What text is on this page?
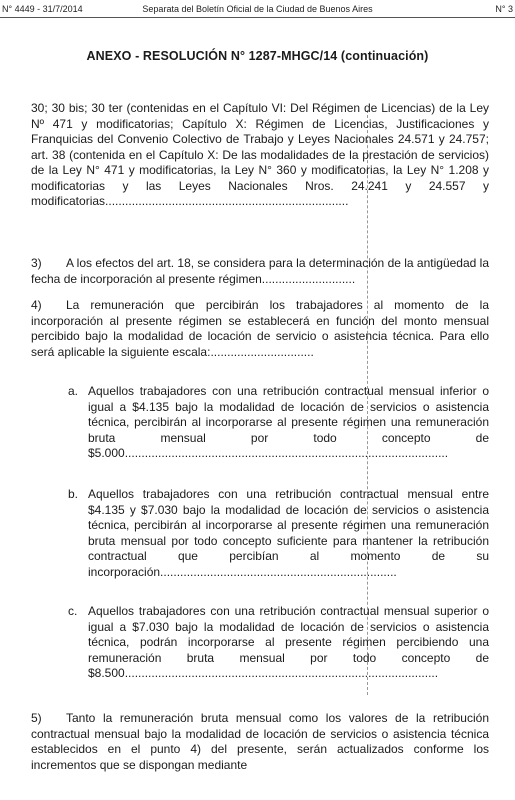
N° 4449 - 31/7/2014	Separata del Boletín Oficial de la Ciudad de Buenos Aires	N° 3
ANEXO - RESOLUCIÓN N° 1287-MHGC/14 (continuación)

30; 30 bis; 30 ter (contenidas en el Capítulo VI: Del Régimen de Licencias) de la Ley Nº 471 y modificatorias; Capítulo X: Régimen de Licencias, Justificaciones y Franquicias del Convenio Colectivo de Trabajo y Leyes Nacionales 24.571 y 24.757; art. 38 (contenida en el Capítulo X: De las modalidades de la prestación de servicios) de la Ley N° 471 y modificatorias, la Ley N° 360 y modificatorias, la Ley N° 1.208 y modificatorias y las Leyes Nacionales Nros. 24.241 y 24.557 y modificatorias.........................................................................

3)	A los efectos del art. 18, se considera para la determinación de la antigüedad la fecha de incorporación al presente régimen............................
4)	La remuneración que percibirán los trabajadores al momento de la incorporación al presente régimen se establecerá en función del monto mensual percibido bajo la modalidad de locación de servicio o asistencia técnica. Para ello será aplicable la siguiente escala:...............................
a. Aquellos trabajadores con una retribución contractual mensual inferior o igual a $4.135 bajo la modalidad de locación de servicios o asistencia técnica, percibirán al incorporarse al presente régimen una remuneración bruta mensual por todo concepto de $5.000.................................................................................................
b. Aquellos trabajadores con una retribución contractual mensual entre $4.135 y $7.030 bajo la modalidad de locación de servicios o asistencia técnica, percibirán al incorporarse al presente régimen una remuneración bruta mensual por todo concepto suficiente para mantener la retribución contractual que percibían al momento de su incorporación.......................................................................
c. Aquellos trabajadores con una retribución contractual mensual superior o igual a $7.030 bajo la modalidad de locación de servicios o asistencia técnica, podrán incorporarse al presente régimen percibiendo una remuneración bruta mensual por todo concepto de $8.500..............................................................................................
5)	Tanto la remuneración bruta mensual como los valores de la retribución contractual mensual bajo la modalidad de locación de servicios o asistencia técnica establecidos en el punto 4) del presente, serán actualizados conforme los incrementos que se dispongan mediante
